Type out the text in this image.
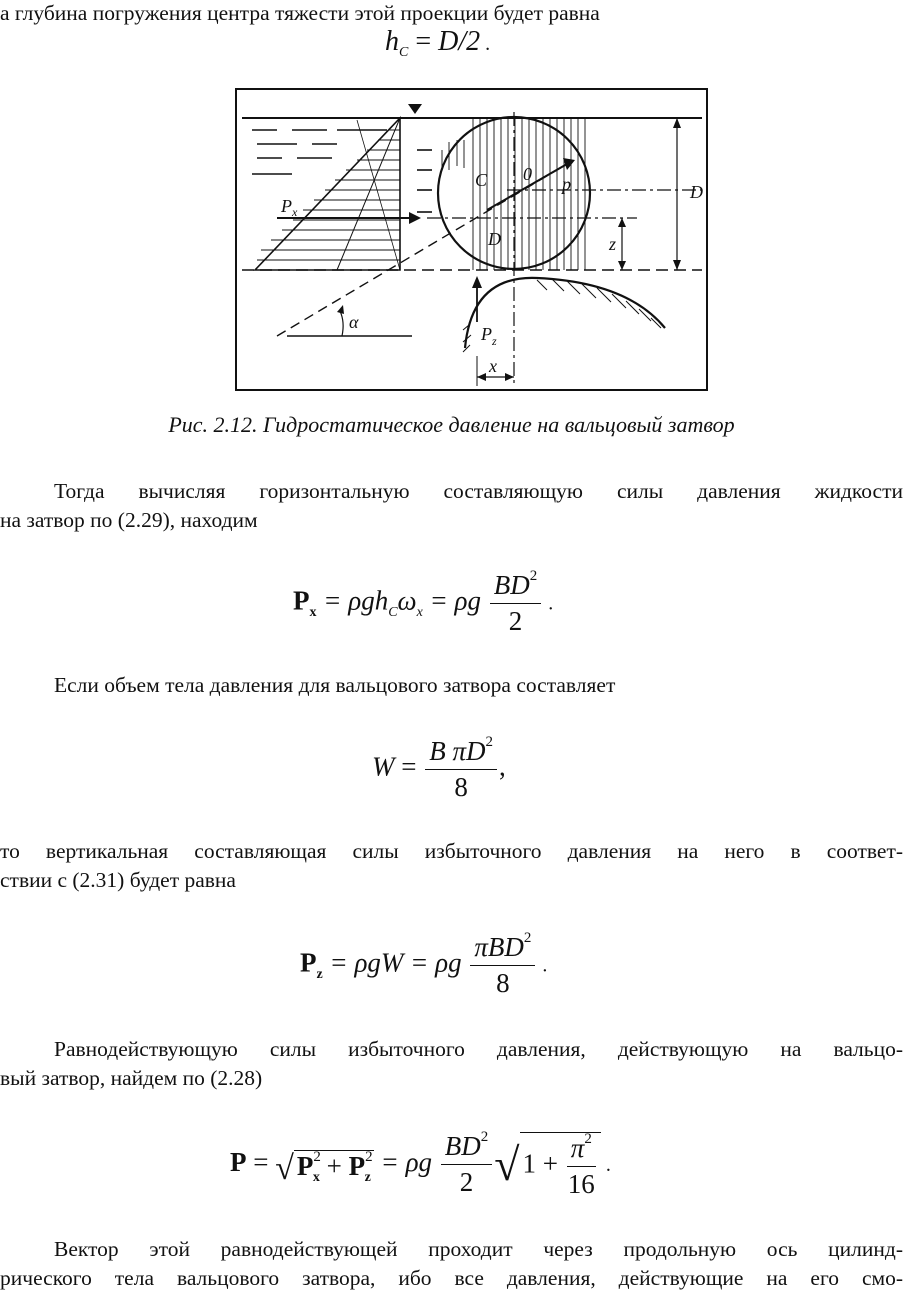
а глубина погружения центра тяжести этой проекции будет равна
$h_C = D/2$ .
C 0 p
D
D
z
x
α
P x
P z
Рис. 2.12. Гидростатическое давление на вальцовый затвор
Тогда вычисляя горизонтальную составляющую силы давления жидкости
на затвор по (2.29), находим
$P_x = \rho gh_C\omega_x = \rho g \frac{BD^2}{2}$ .
Если объем тела давления для вальцового затвора составляет
$W = \frac{B \pi D^2}{8}$ ,
то вертикальная составляющая силы избыточного давления на него в соответ-
ствии с (2.31) будет равна
$P_z = \rho gW = \rho g \frac{\pi BD^2}{8}$ .
Равнодействующую силы избыточного давления, действующую на вальцо-
вый затвор, найдем по (2.28)
P = √ $P^2_x + P^2_z = \rho g \frac{BD^2}{2}$ √ $1 + \frac{\pi^2}{16}$ .
Вектор этой равнодействующей проходит через продольную ось цилинд-
рического тела вальцового затвора, ибо все давления, действующие на его смо-
